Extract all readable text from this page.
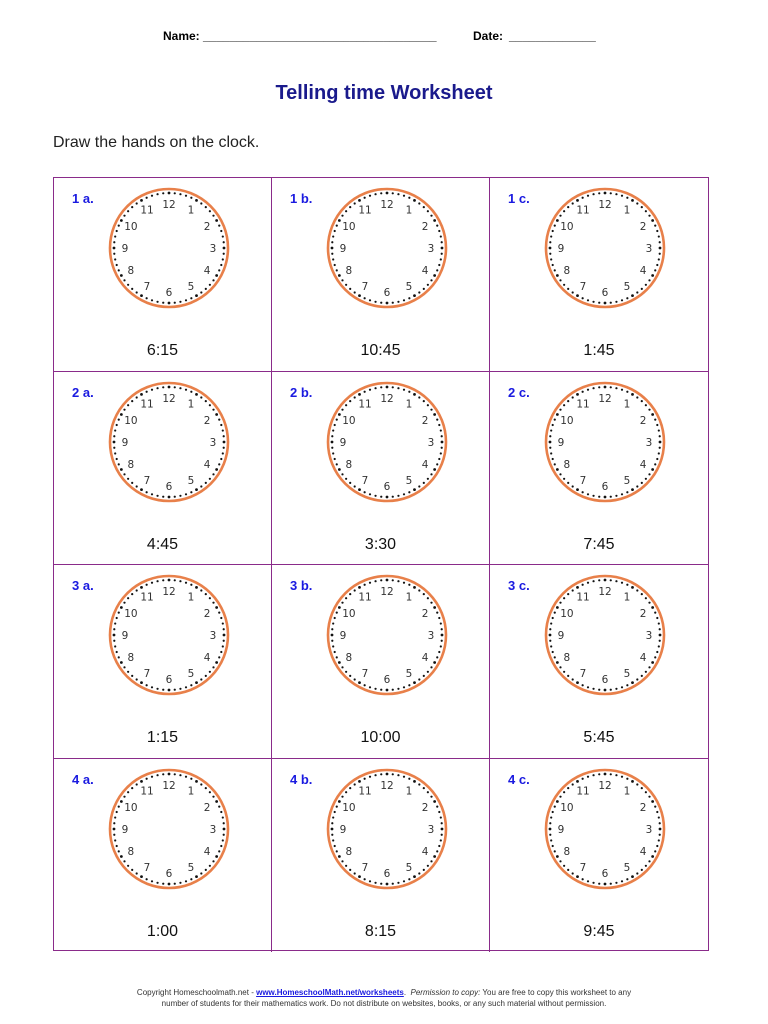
Name: ___________________________________	Date: _____________
Telling time Worksheet
Draw the hands on the clock.
1 a.	12 1
2
3
4
5
6
7
8
9
10
11
6:15
1 b.	12 1
2
3
4
5
6
7
8
9
10
11
10:45
1 c.	12 1
2
3
4
5
6
7
8
9
10
11
1:45
2 a.	12 1
2
3
4
5
6
7
8
9
10
11
4:45
2 b.	12 1
2
3
4
5
6
7
8
9
10
11
3:30
2 c.	12 1
2
3
4
5
6
7
8
9
10
11
7:45
3 a.	12 1
2
3
4
5
6
7
8
9
10
11
1:15
3 b.	12 1
2
3
4
5
6
7
8
9
10
11
10:00
3 c.	12 1
2
3
4
5
6
7
8
9
10
11
5:45
4 a.	12 1
2
3
4
5
6
7
8
9
10
11
1:00
4 b.	12 1
2
3
4
5
6
7
8
9
10
11
8:15
4 c.	12 1
2
3
4
5
6
7
8
9
10
11
9:45
Copyright Homeschoolmath.net - www.HomeschoolMath.net/worksheets.  Permission to copy: You are free to copy this worksheet to any
number of students for their mathematics work. Do not distribute on websites, books, or any such material without permission.
